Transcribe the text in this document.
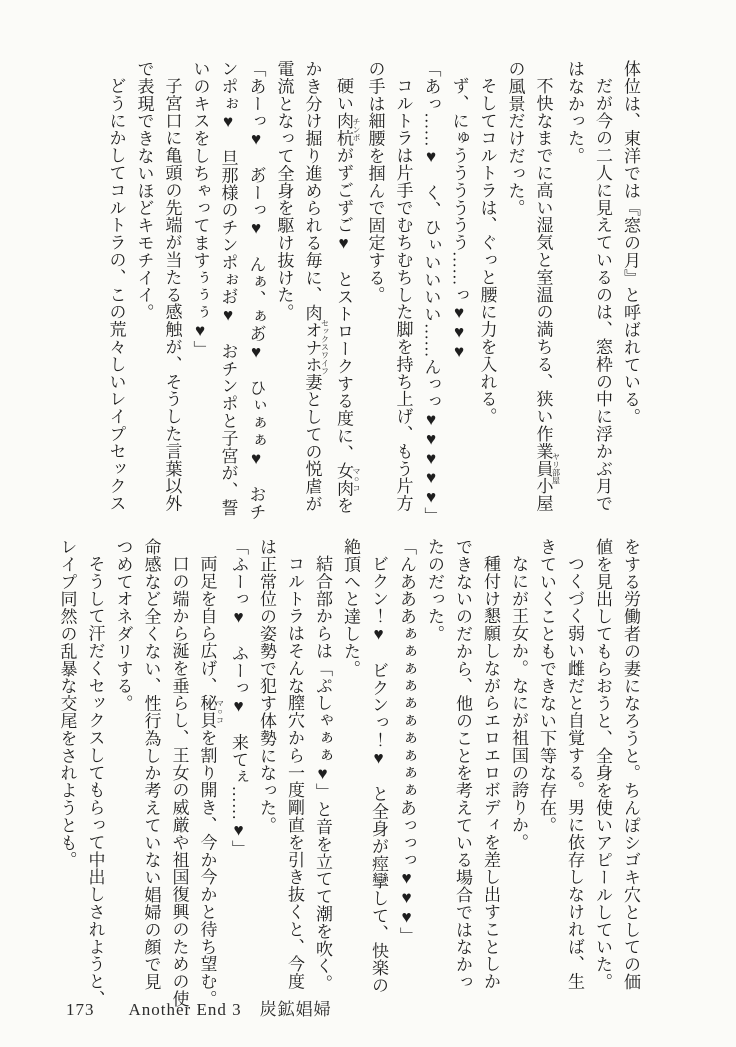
体位は、東洋では『窓の月』と呼ばれている。
だが今の二人に見えているのは、窓枠の中に浮かぶ月で
はなかった。
不快なまでに高い湿気と室温の満ちる、狭い作業員小屋 ヤリ部屋
の風景だけだった。
そしてコルトラは、ぐっと腰に力を入れる。
ず、にゅうううううう……っ♥♥♥
「あっ……♥　く、ひぃいいいい……んっっ♥♥♥♥♥」
コルトラは片手でむちむちした脚を持ち上げ、もう片方
の手は細腰を掴んで固定する。
硬い肉杭 チンポがずごずご♥　とストロークする度に、女肉 マ○コを
かき分け掘り進められる毎に、肉オナホ妻 セックスワイフとしての悦虐が
電流となって全身を駆け抜けた。
「あーっ♥　あ゙ーっ♥　んぁ、ぁあ゙♥　ひぃぁぁ♥　おチ
ンポぉ♥　旦那様のチンポぉお゙♥　おチンポと子宮が、誓
いのキスをしちゃってますぅぅぅ♥」
子宮口に亀頭の先端が当たる感触が、そうした言葉以外
で表現できないほどキモチイイ。
どうにかしてコルトラの、この荒々しいレイプセックス
をする労働者の妻になろうと。ちんぽシゴキ穴としての価
値を見出してもらおうと、全身を使いアピールしていた。
つくづく弱い雌だと自覚する。男に依存しなければ、生
きていくこともできない下等な存在。
なにが王女か。なにが祖国の誇りか。
種付け懇願しながらエロエロボディを差し出すことしか
できないのだから、他のことを考えている場合ではなかっ
たのだった。
「んあああぁぁぁぁぁぁぁぁぁぁあっっっ♥♥♥」
ビクン！♥　ビクンっ！♥　と全身が痙攣して、快楽の
絶頂へと達した。
結合部からは「ぷしゃぁぁ♥」と音を立てて潮を吹く。
コルトラはそんな膣穴から一度剛直を引き抜くと、今度
は正常位の姿勢で犯す体勢になった。
「ふーっ♥　ふーっ♥　来てぇ……♥」
両足を自ら広げ、秘貝 マ○コを割り開き、今か今かと待ち望む。
口の端から涎を垂らし、王女の威厳や祖国復興のための使
命感など全くない、性行為しか考えていない娼婦の顔で見
つめてオネダリする。
そうして汗だくセックスしてもらって中出しされようと、
レイプ同然の乱暴な交尾をされようとも。
173 Another End 3 炭鉱娼婦
